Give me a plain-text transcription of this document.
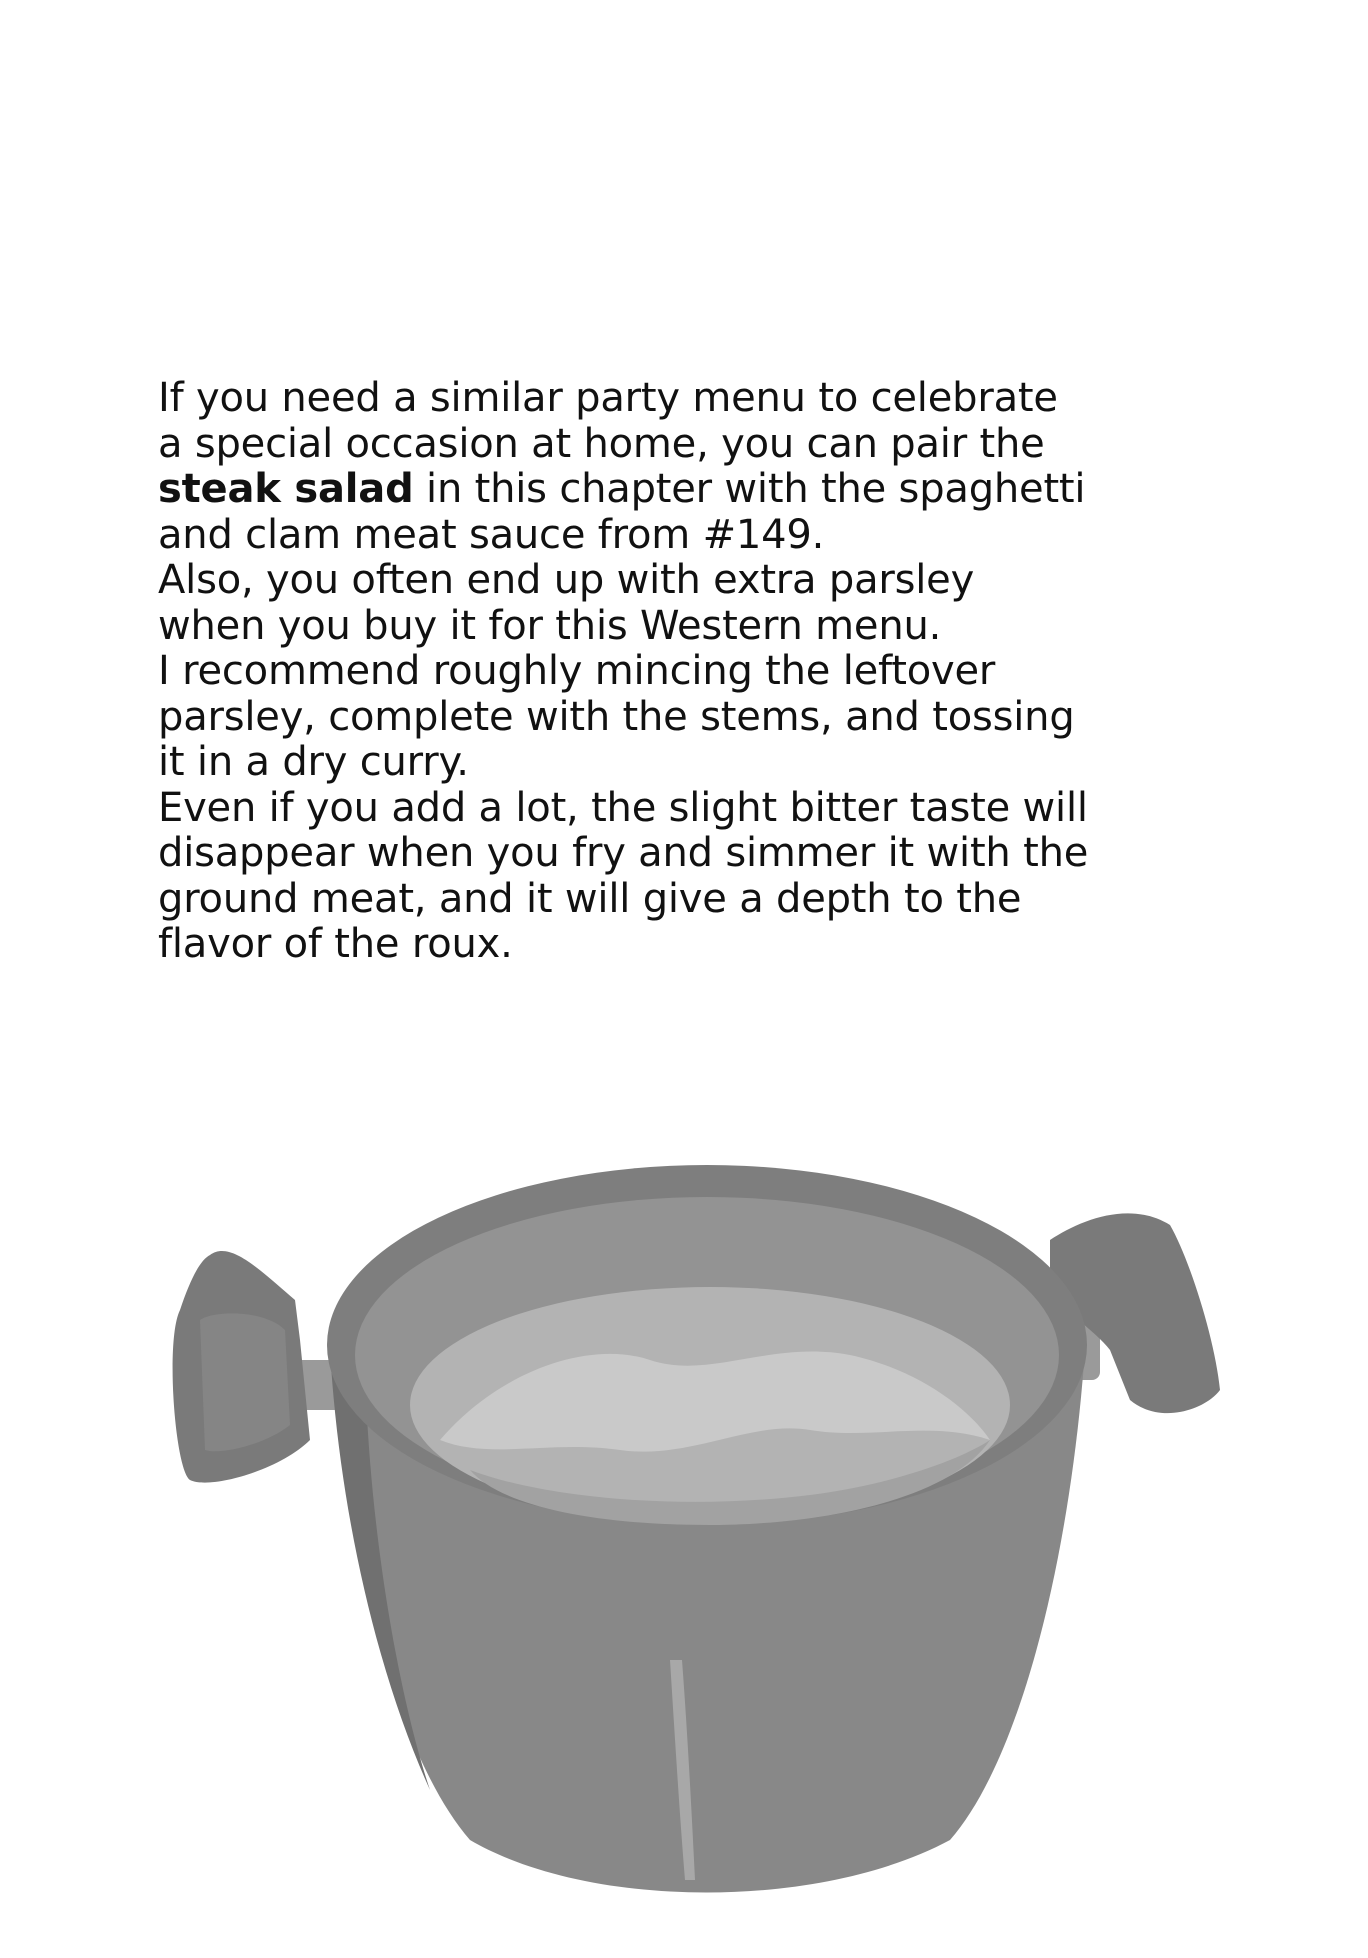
If you need a similar party menu to celebrate
a special occasion at home, you can pair the
steak salad in this chapter with the spaghetti
and clam meat sauce from #149.
Also, you often end up with extra parsley
when you buy it for this Western menu.
I recommend roughly mincing the leftover
parsley, complete with the stems, and tossing
it in a dry curry.
Even if you add a lot, the slight bitter taste will
disappear when you fry and simmer it with the
ground meat, and it will give a depth to the
flavor of the roux.
